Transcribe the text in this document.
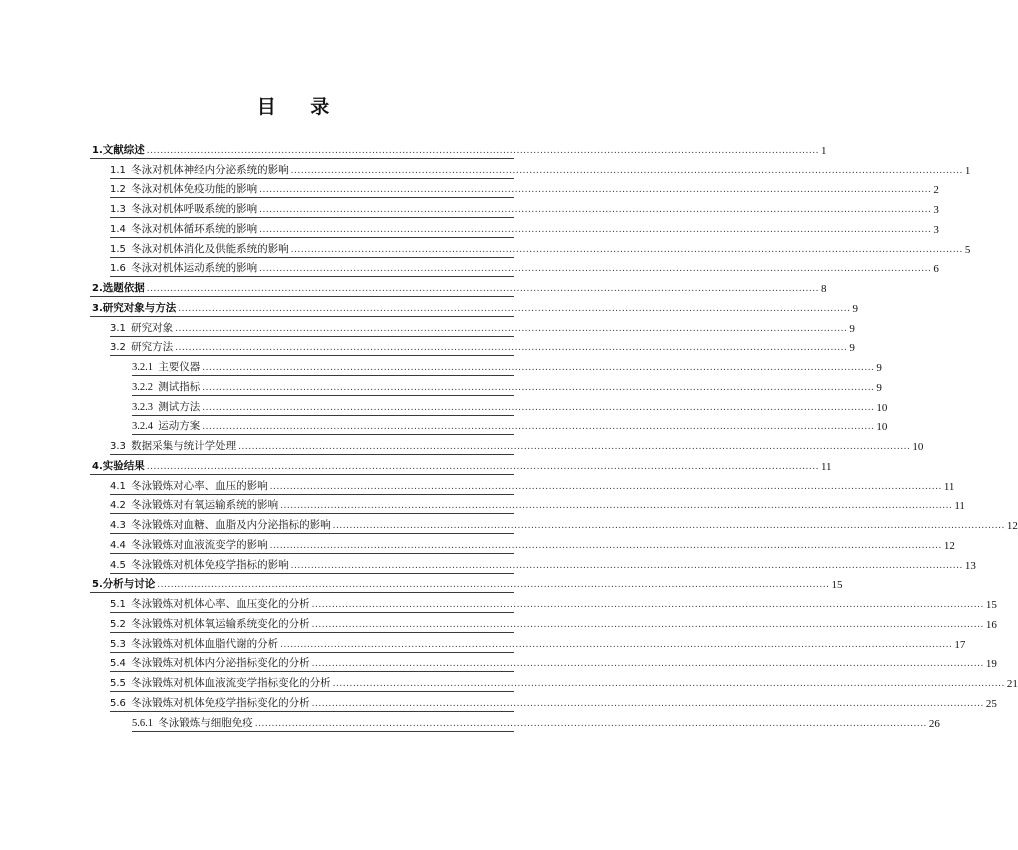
目 录
1.文献综述 ........................................................................................................................................................................................................ 1
1.1  冬泳对机体神经内分泌系统的影响 ........................................................................................................................................................................................................ 1
1.2  冬泳对机体免疫功能的影响 ........................................................................................................................................................................................................ 2
1.3  冬泳对机体呼吸系统的影响 ........................................................................................................................................................................................................ 3
1.4  冬泳对机体循环系统的影响 ........................................................................................................................................................................................................ 3
1.5  冬泳对机体消化及供能系统的影响 ........................................................................................................................................................................................................ 5
1.6  冬泳对机体运动系统的影响 ........................................................................................................................................................................................................ 6
2.选题依据 ........................................................................................................................................................................................................ 8
3.研究对象与方法 ........................................................................................................................................................................................................ 9
3.1  研究对象 ........................................................................................................................................................................................................ 9
3.2  研究方法 ........................................................................................................................................................................................................ 9
3.2.1  主要仪器 ........................................................................................................................................................................................................ 9
3.2.2  测试指标 ........................................................................................................................................................................................................ 9
3.2.3  测试方法 ........................................................................................................................................................................................................ 10
3.2.4  运动方案 ........................................................................................................................................................................................................ 10
3.3  数据采集与统计学处理 ........................................................................................................................................................................................................ 10
4.实验结果 ........................................................................................................................................................................................................ 11
4.1  冬泳锻炼对心率、血压的影响 ........................................................................................................................................................................................................ 11
4.2  冬泳锻炼对有氧运输系统的影响 ........................................................................................................................................................................................................ 11
4.3  冬泳锻炼对血糖、血脂及内分泌指标的影响 ........................................................................................................................................................................................................ 12
4.4  冬泳锻炼对血液流变学的影响 ........................................................................................................................................................................................................ 12
4.5  冬泳锻炼对机体免疫学指标的影响 ........................................................................................................................................................................................................ 13
5.分析与讨论 ........................................................................................................................................................................................................ 15
5.1  冬泳锻炼对机体心率、血压变化的分析 ........................................................................................................................................................................................................ 15
5.2  冬泳锻炼对机体氧运输系统变化的分析 ........................................................................................................................................................................................................ 16
5.3  冬泳锻炼对机体血脂代谢的分析 ........................................................................................................................................................................................................ 17
5.4  冬泳锻炼对机体内分泌指标变化的分析 ........................................................................................................................................................................................................ 19
5.5  冬泳锻炼对机体血液流变学指标变化的分析 ........................................................................................................................................................................................................ 21
5.6  冬泳锻炼对机体免疫学指标变化的分析 ........................................................................................................................................................................................................ 25
5.6.1  冬泳锻炼与细胞免疫 ........................................................................................................................................................................................................ 26
